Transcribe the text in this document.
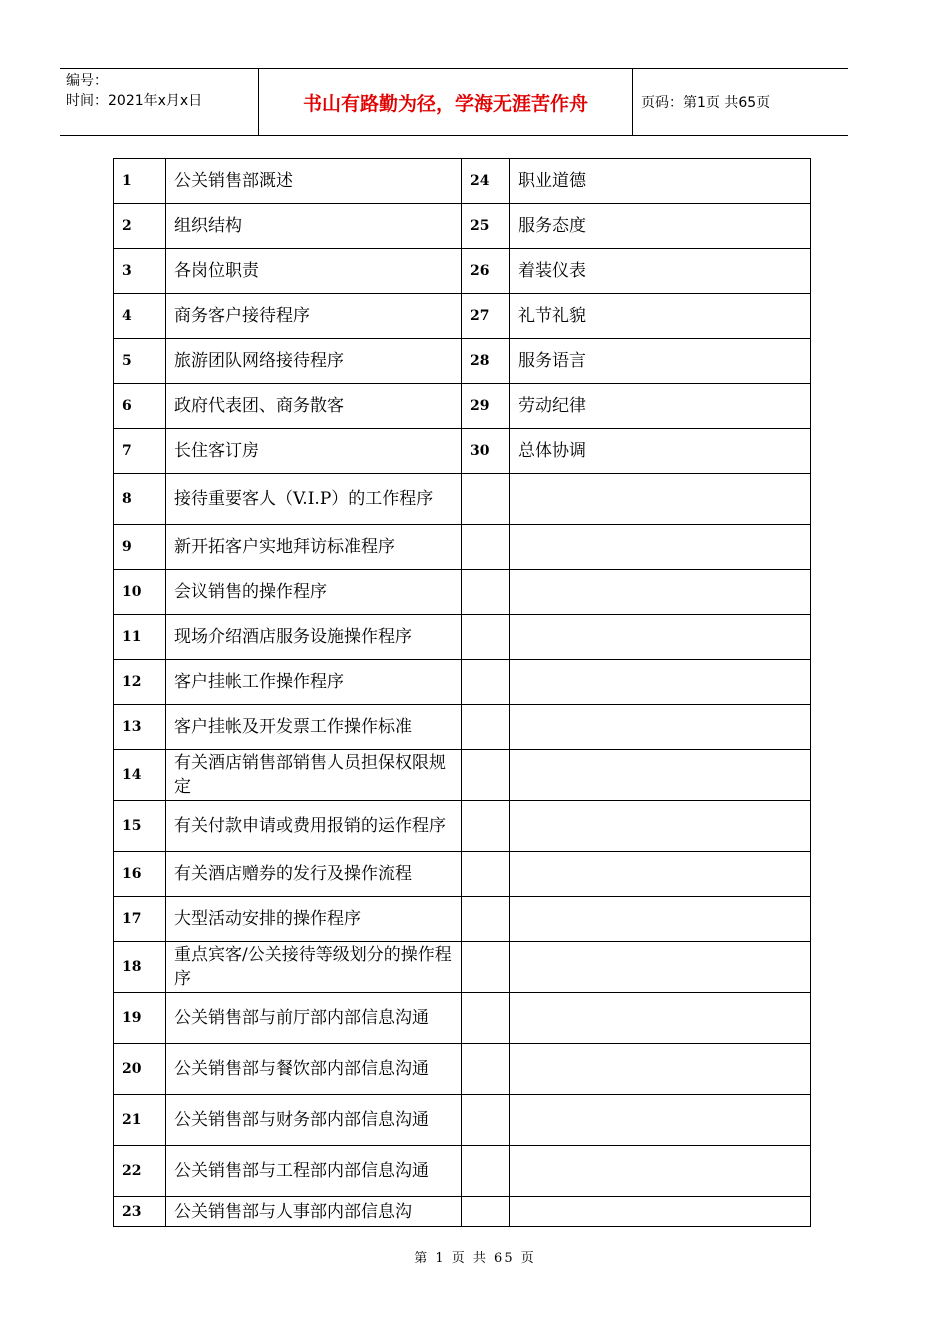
编号：
时间：2021年x月x日	书山有路勤为径，学海无涯苦作舟	页码：第1页 共65页
1	公关销售部溉述	24	职业道德
2	组织结构	25	服务态度
3	各岗位职责	26	着装仪表
4	商务客户接待程序	27	礼节礼貌
5	旅游团队网络接待程序	28	服务语言
6	政府代表团、商务散客	29	劳动纪律
7	长住客订房	30	总体协调
8	接待重要客人（V.I.P）的工作程序		
9	新开拓客户实地拜访标准程序		
10	会议销售的操作程序		
11	现场介绍酒店服务设施操作程序		
12	客户挂帐工作操作程序		
13	客户挂帐及开发票工作操作标准		
14	有关酒店销售部销售人员担保权限规定		
15	有关付款申请或费用报销的运作程序		
16	有关酒店赠券的发行及操作流程		
17	大型活动安排的操作程序		
18	重点宾客/公关接待等级划分的操作程序		
19	公关销售部与前厅部内部信息沟通		
20	公关销售部与餐饮部内部信息沟通		
21	公关销售部与财务部内部信息沟通		
22	公关销售部与工程部内部信息沟通		
23	公关销售部与人事部内部信息沟		
第 1 页 共 65 页
